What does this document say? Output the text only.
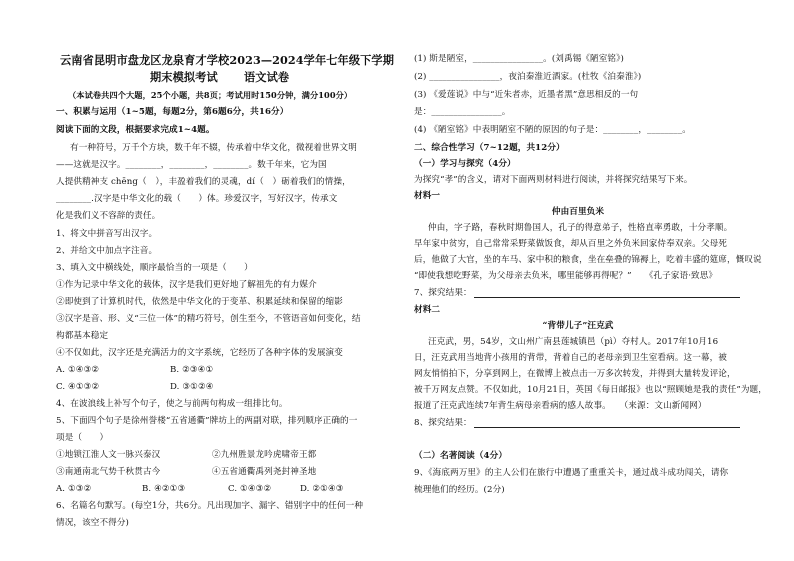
云南省昆明市盘龙区龙泉育才学校2023—2024学年七年级下学期
期末模拟考试 语文试卷
（本试卷共四个大题，25个小题，共8页；考试用时150分钟，满分100分）
一、积累与运用（1~5题，每题2分，第6题6分，共16分）
阅读下面的文段，根据要求完成1~4题。
有一种符号，万千个方块，数千年不辍，传承着中华文化，微视着世界文明
——这就是汉字。________，________，________。数千年来，它为国
人提供精神支 chēng（　），丰盈着我们的灵魂，dí（　）砺着我们的情操，
________.汉字是中华文化的载（　　）体。珍爱汉字，写好汉字，传承文
化是我们义不容辞的责任。
1、将文中拼音写出汉字。
2、并给文中加点字注音。
3、填入文中横线处，顺序最恰当的一项是（　　）
①作为记录中华文化的载体，汉字是我们更好地了解祖先的有力媒介
②即使到了计算机时代，依然是中华文化的于变革、积累延续和保留的缩影
③汉字是音、形、义“三位一体”的精巧符号，创生至今，不管语音如何变化，结
构都基本稳定
④不仅如此，汉字还是充满活力的文字系统，它经历了各种字体的发展演变
A. ①④③②	B. ②③④①
C. ④①③②	D. ③①②④
4、在波浪线上补写个句子，使之与前两句构成一组排比句。
5、下面四个句子是徐州誉楼“五省通衢”牌坊上的两副对联，排列顺序正确的一
项是（　　）
①地锁江淮人文一脉兴泰汉	②九州胜景龙吟虎啸帝王都
③南通南北气势千秋贯古今	④五省通衢禹列尧封神圣地
A. ①③②	B. ④②①③	C. ①④③②	D. ②①④③
6、名篇名句默写。(每空1分，共6分。凡出现加字、漏字、错别字中的任何一种
情况，该空不得分)
(1) 斯是陋室，________________。(刘禹锡《陋室铭》)
(2) ________________，夜泊秦淮近酒家。(杜牧《泊秦淮》)
(3) 《爱莲说》中与“近朱者赤，近墨者黑”意思相反的一句
是：________________。
(4) 《陋室铭》中表明陋室不陋的原因的句子是：________，________。
二、综合性学习（7~12题，共12分）
（一）学习与探究（4分）
为探究“孝”的含义，请对下面两则材料进行阅读，并将探究结果写下来。
材料一
仲由百里负米
仲由，字子路，春秋时期鲁国人，孔子的得意弟子，性格直率勇敢，十分孝顺。
早年家中贫穷，自己常常采野菜做饭食，却从百里之外负米回家侍奉双亲。父母死
后，他做了大官，坐的车马、家中积的粮食，坐在垒叠的锦褥上，吃着丰盛的筵席，慨叹说
“即使我想吃野菜，为父母亲去负米，哪里能够再得呢？”　　《孔子家语·致思》
7、探究结果：
材料二
“背带儿子”汪克武
汪克武，男，54岁，文山州广南县莲城镇邑（pì）夺村人。2017年10月16
日，汪克武用当地背小孩用的背带，背着自己的老母亲到卫生室看病。这一幕，被
网友悄悄拍下，分享到网上，在微博上被点击一万多次转发，并得到大量转发评论，
被千万网友点赞。不仅如此，10月21日，英国《每日邮报》也以“照顾她是我的责任”为题，
报道了汪克武连续7年背生病母亲看病的感人故事。　　（来源：文山新闻网）
8、探究结果：
（二）名著阅读（4分）
9、《海底两万里》的主人公们在旅行中遭遇了重重关卡，通过战斗成功闯关，请你
梳理他们的经历。(2分)
